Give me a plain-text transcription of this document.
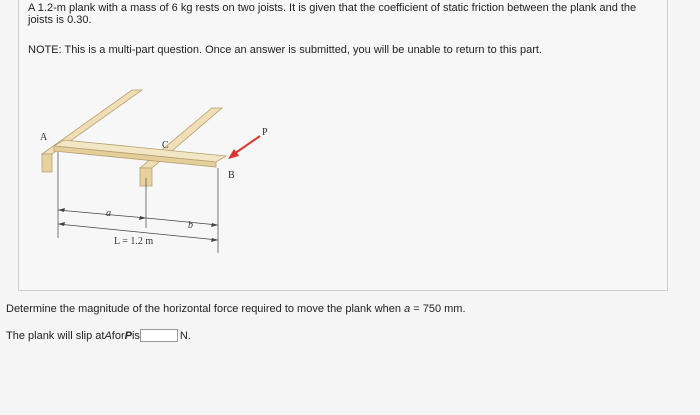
A 1.2-m plank with a mass of 6 kg rests on two joists. It is given that the coefficient of static friction between the plank and the joists is 0.30.
NOTE: This is a multi-part question. Once an answer is submitted, you will be unable to return to this part.
A
C
B
P
a
b
L = 1.2 m
Determine the magnitude of the horizontal force required to move the plank when a = 750 mm.
The plank will slip at A for P is	N.
